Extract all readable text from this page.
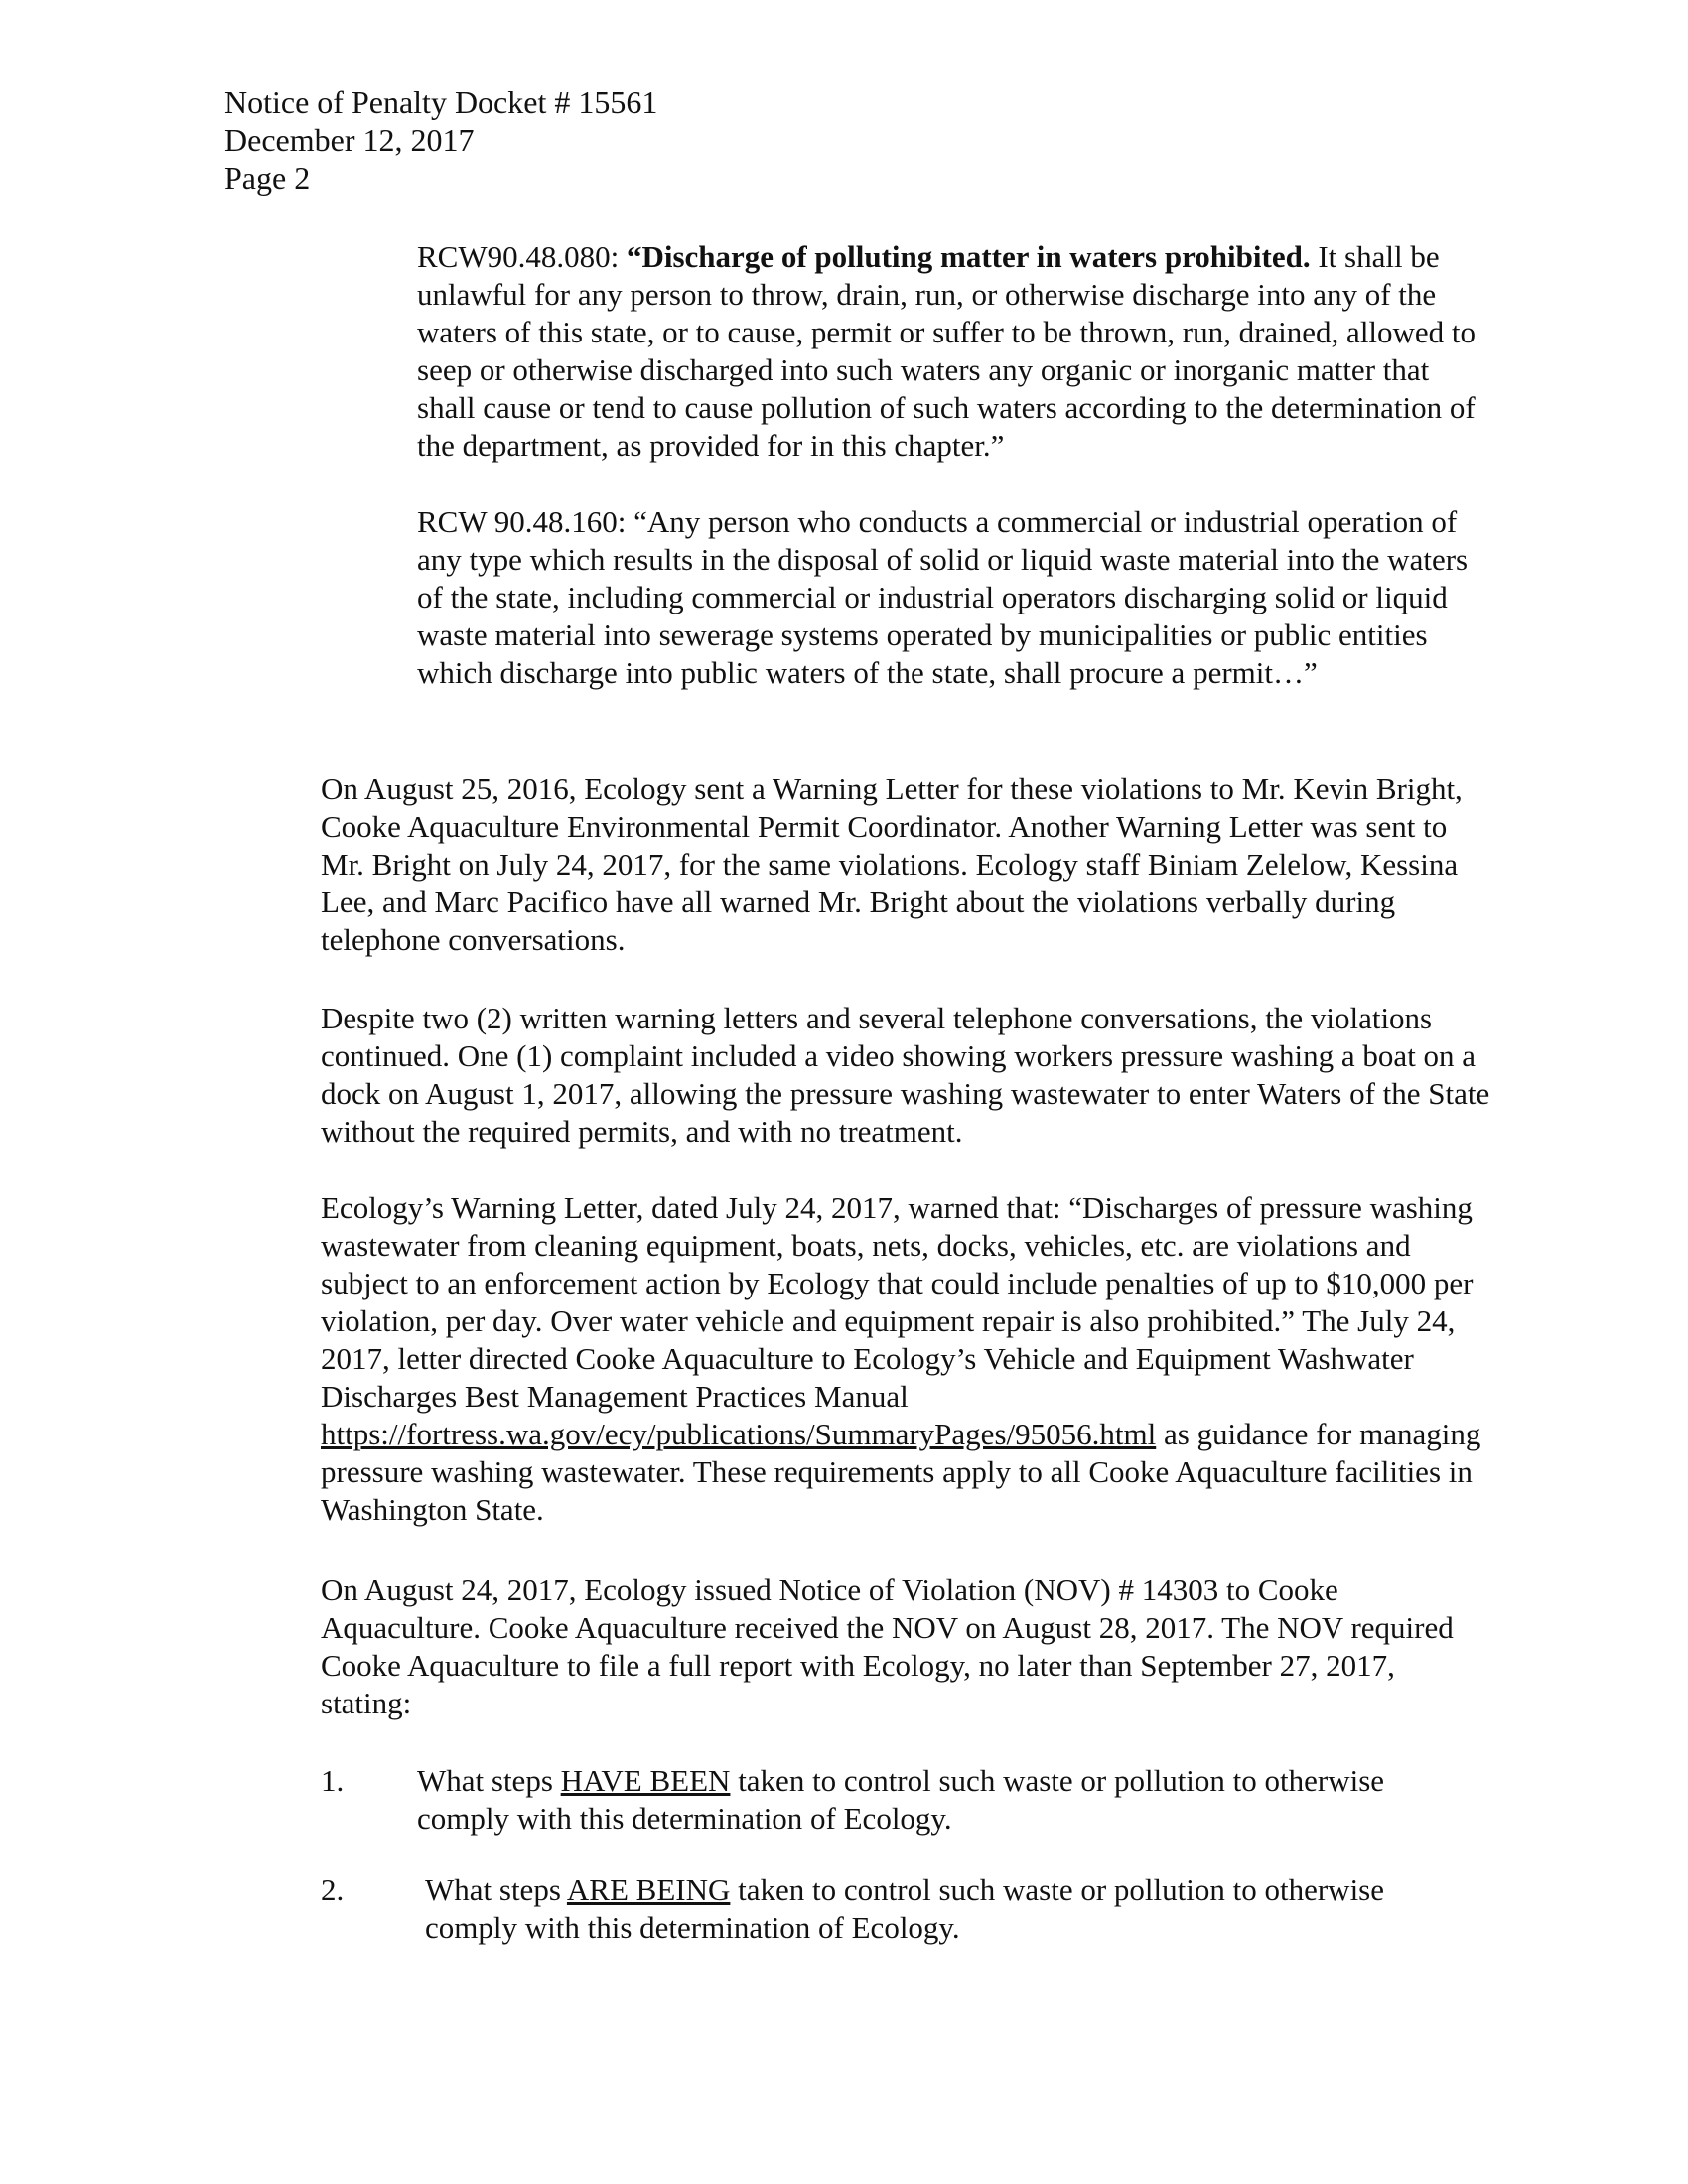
Notice of Penalty Docket # 15561
December 12, 2017
Page 2

RCW90.48.080: “Discharge of polluting matter in waters prohibited. It shall be unlawful for any person to throw, drain, run, or otherwise discharge into any of the waters of this state, or to cause, permit or suffer to be thrown, run, drained, allowed to seep or otherwise discharged into such waters any organic or inorganic matter that shall cause or tend to cause pollution of such waters according to the determination of the department, as provided for in this chapter.”

RCW 90.48.160: “Any person who conducts a commercial or industrial operation of any type which results in the disposal of solid or liquid waste material into the waters of the state, including commercial or industrial operators discharging solid or liquid waste material into sewerage systems operated by municipalities or public entities which discharge into public waters of the state, shall procure a permit…”

On August 25, 2016, Ecology sent a Warning Letter for these violations to Mr. Kevin Bright, Cooke Aquaculture Environmental Permit Coordinator. Another Warning Letter was sent to Mr. Bright on July 24, 2017, for the same violations. Ecology staff Biniam Zelelow, Kessina Lee, and Marc Pacifico have all warned Mr. Bright about the violations verbally during telephone conversations.

Despite two (2) written warning letters and several telephone conversations, the violations continued. One (1) complaint included a video showing workers pressure washing a boat on a dock on August 1, 2017, allowing the pressure washing wastewater to enter Waters of the State without the required permits, and with no treatment.

Ecology’s Warning Letter, dated July 24, 2017, warned that: “Discharges of pressure washing wastewater from cleaning equipment, boats, nets, docks, vehicles, etc. are violations and subject to an enforcement action by Ecology that could include penalties of up to $10,000 per violation, per day. Over water vehicle and equipment repair is also prohibited.” The July 24, 2017, letter directed Cooke Aquaculture to Ecology’s Vehicle and Equipment Washwater Discharges Best Management Practices Manual https://fortress.wa.gov/ecy/publications/SummaryPages/95056.html as guidance for managing pressure washing wastewater. These requirements apply to all Cooke Aquaculture facilities in Washington State.

On August 24, 2017, Ecology issued Notice of Violation (NOV) # 14303 to Cooke Aquaculture. Cooke Aquaculture received the NOV on August 28, 2017. The NOV required Cooke Aquaculture to file a full report with Ecology, no later than September 27, 2017, stating:

1. What steps HAVE BEEN taken to control such waste or pollution to otherwise comply with this determination of Ecology.
2.	What steps ARE BEING taken to control such waste or pollution to otherwise comply with this determination of Ecology.
